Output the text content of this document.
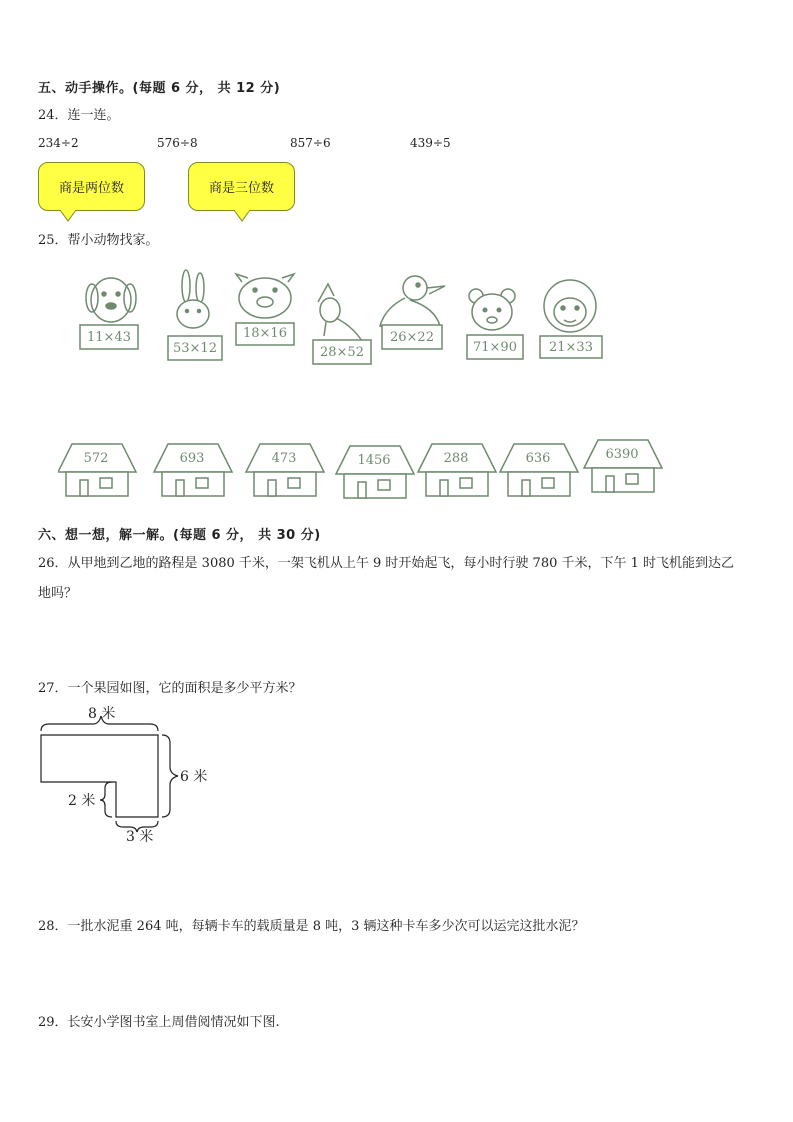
五、动手操作。(每题 6 分， 共 12 分)
24．连一连。
234÷2	576÷8	857÷6	439÷5
商是两位数	商是三位数
25．帮小动物找家。
11×43
53×12
18×16
28×52
26×22
71×90	21×33
572	693	473	1456	288	636	6390
六、想一想，解一解。(每题 6 分， 共 30 分)
26．从甲地到乙地的路程是 3080 千米，一架飞机从上午 9 时开始起飞，每小时行驶 780 千米，下午 1 时飞机能到达乙
地吗？
27．一个果园如图，它的面积是多少平方米？
8 米
6 米
2 米
3 米
28．一批水泥重 264 吨，每辆卡车的载质量是 8 吨，3 辆这种卡车多少次可以运完这批水泥？
29．长安小学图书室上周借阅情况如下图.
